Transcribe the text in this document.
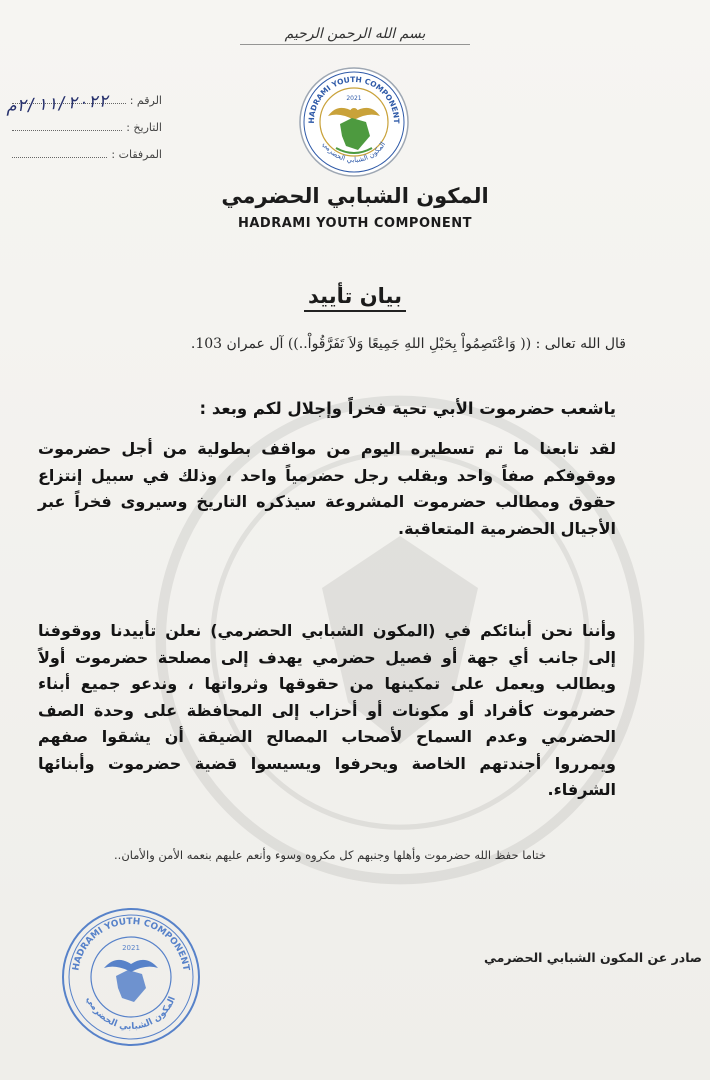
بسم الله الرحمن الرحيم
الرقم :
التاريخ :
المرفقات :
٢/١١/٢٠٢٢م
HADRAMI YOUTH COMPONENT
المكون الشبابي الحضرمي
2021
المكون الشبابي الحضرمي
HADRAMI YOUTH COMPONENT
بيان تأييد
قال الله تعالى : (( وَاعْتَصِمُواْ بِحَبْلِ اللهِ جَمِيعًا وَلاَ تَفَرَّقُواْ..)) آل عمران 103.
ياشعب حضرموت الأبي تحية فخراً وإجلال لكم وبعد :
لقد تابعنا ما تم تسطيره اليوم من مواقف بطولية من أجل حضرموت ووقوفكم صفاً واحد وبقلب رجل حضرمياً واحد ، وذلك في سبيل إنتزاع حقوق ومطالب حضرموت المشروعة سيذكره التاريخ وسيروى فخراً عبر الأجيال الحضرمية المتعاقبة.
وأننا نحن أبنائكم في (المكون الشبابي الحضرمي) نعلن تأييدنا ووقوفنا إلى جانب أي جهة أو فصيل حضرمي يهدف إلى مصلحة حضرموت أولاً ويطالب ويعمل على تمكينها من حقوقها وثرواتها ، وندعو جميع أبناء حضرموت كأفراد أو مكونات أو أحزاب إلى المحافظة على وحدة الصف الحضرمي وعدم السماح لأصحاب المصالح الضيقة أن يشقوا صفهم ويمرروا أجندتهم الخاصة ويحرفوا ويسيسوا قضية حضرموت وأبنائها الشرفاء.
ختاما حفظ الله حضرموت وأهلها وجنبهم كل مكروه وسوء وأنعم عليهم بنعمه الأمن والأمان..
HADRAMI YOUTH COMPONENT
المكون الشبابي الحضرمي
2021
صادر عن المكون الشبابي الحضرمي
